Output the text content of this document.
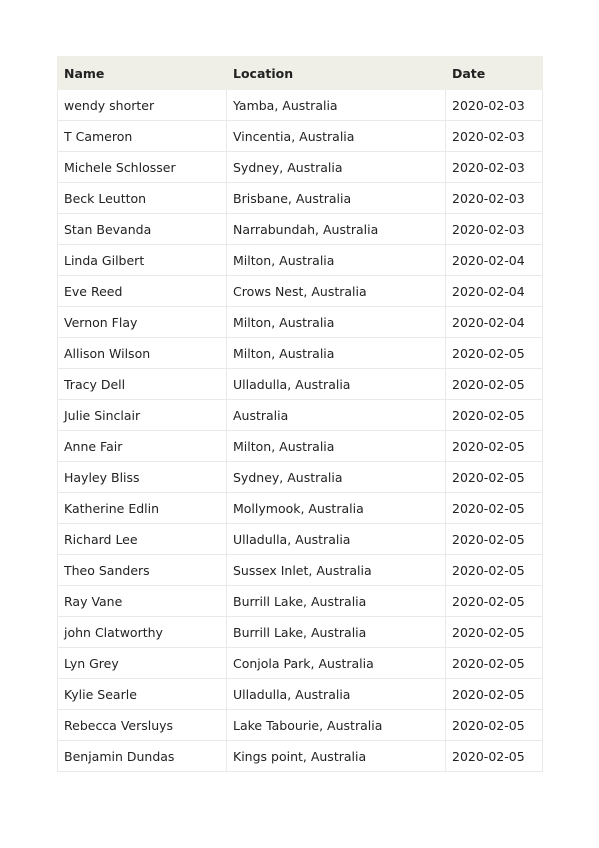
Name	Location	Date
wendy shorter	Yamba, Australia	2020-02-03
T Cameron	Vincentia, Australia	2020-02-03
Michele Schlosser	Sydney, Australia	2020-02-03
Beck Leutton	Brisbane, Australia	2020-02-03
Stan Bevanda	Narrabundah, Australia	2020-02-03
Linda Gilbert	Milton, Australia	2020-02-04
Eve Reed	Crows Nest, Australia	2020-02-04
Vernon Flay	Milton, Australia	2020-02-04
Allison Wilson	Milton, Australia	2020-02-05
Tracy Dell	Ulladulla, Australia	2020-02-05
Julie Sinclair	Australia	2020-02-05
Anne Fair	Milton, Australia	2020-02-05
Hayley Bliss	Sydney, Australia	2020-02-05
Katherine Edlin	Mollymook, Australia	2020-02-05
Richard Lee	Ulladulla, Australia	2020-02-05
Theo Sanders	Sussex Inlet, Australia	2020-02-05
Ray Vane	Burrill Lake, Australia	2020-02-05
john Clatworthy	Burrill Lake, Australia	2020-02-05
Lyn Grey	Conjola Park, Australia	2020-02-05
Kylie Searle	Ulladulla, Australia	2020-02-05
Rebecca Versluys	Lake Tabourie, Australia	2020-02-05
Benjamin Dundas	Kings point, Australia	2020-02-05
